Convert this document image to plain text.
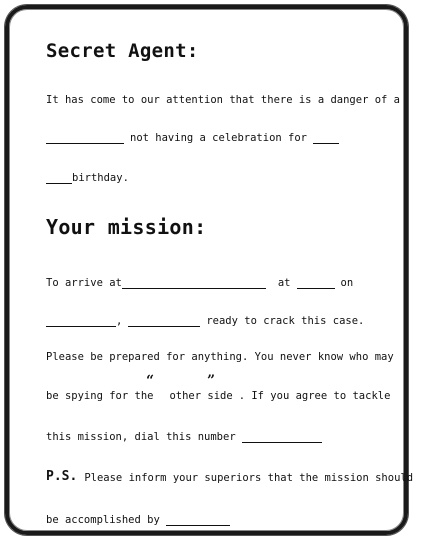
Secret Agent:
It has come to our attention that there is a danger of a
not having a celebration for
birthday.
Your mission:
To arrive at	at	on
,	ready to crack this case.
Please be prepared for anything. You never know who may
“	”
be spying for the other side . If you agree to tackle
this mission, dial this number
P.S. Please inform your superiors that the mission should
be accomplished by
